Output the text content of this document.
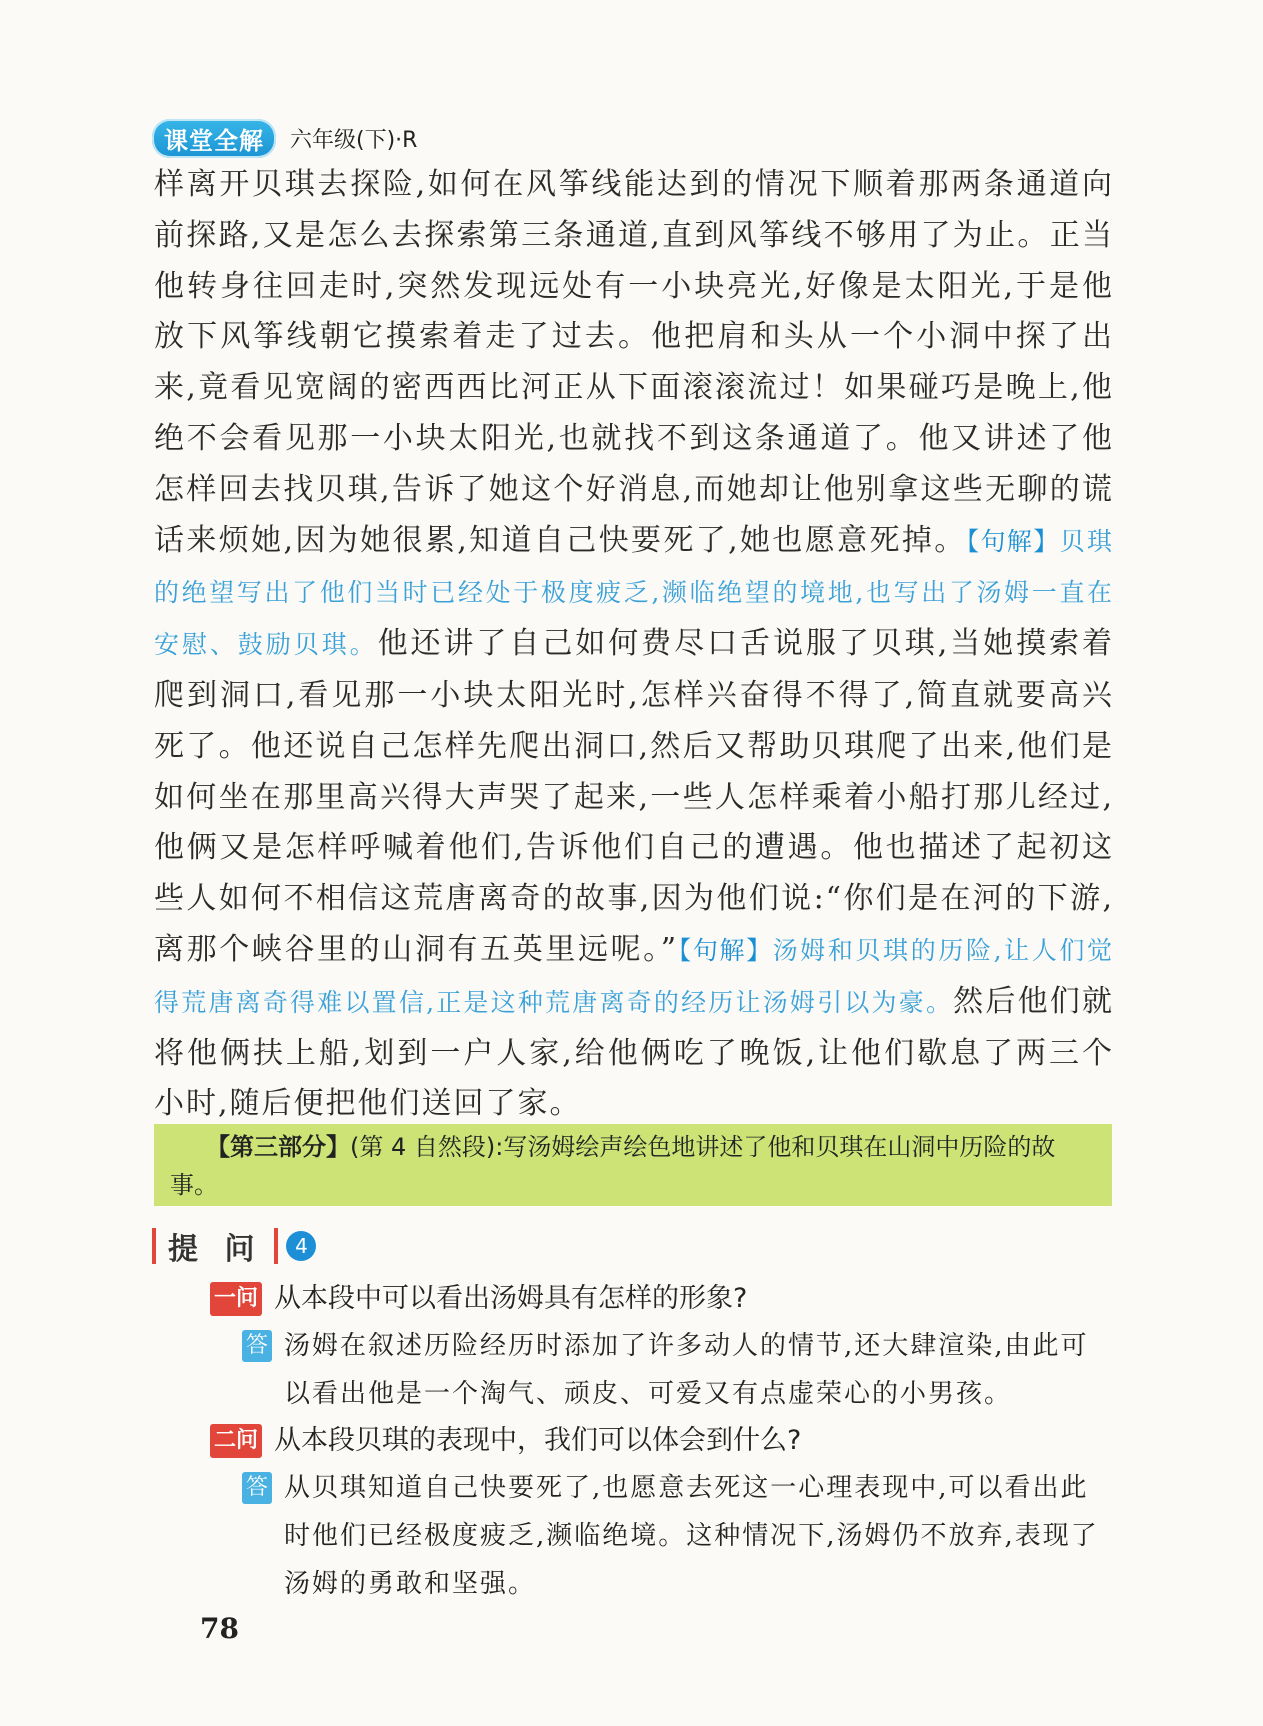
课堂全解	六年级(下)·R

样离开贝琪去探险,如何在风筝线能达到的情况下顺着那两条通道向前探路,又是怎么去探索第三条通道,直到风筝线不够用了为止。正当他转身往回走时,突然发现远处有一小块亮光,好像是太阳光,于是他放下风筝线朝它摸索着走了过去。他把肩和头从一个小洞中探了出来,竟看见宽阔的密西西比河正从下面滚滚流过！如果碰巧是晚上,他绝不会看见那一小块太阳光,也就找不到这条通道了。他又讲述了他怎样回去找贝琪,告诉了她这个好消息,而她却让他别拿这些无聊的谎话来烦她,因为她很累,知道自己快要死了,她也愿意死掉。【句解】贝琪的绝望写出了他们当时已经处于极度疲乏,濒临绝望的境地,也写出了汤姆一直在安慰、鼓励贝琪。他还讲了自己如何费尽口舌说服了贝琪,当她摸索着爬到洞口,看见那一小块太阳光时,怎样兴奋得不得了,简直就要高兴死了。他还说自己怎样先爬出洞口,然后又帮助贝琪爬了出来,他们是如何坐在那里高兴得大声哭了起来,一些人怎样乘着小船打那儿经过,他俩又是怎样呼喊着他们,告诉他们自己的遭遇。他也描述了起初这些人如何不相信这荒唐离奇的故事,因为他们说:“你们是在河的下游,离那个峡谷里的山洞有五英里远呢。”【句解】汤姆和贝琪的历险,让人们觉得荒唐离奇得难以置信,正是这种荒唐离奇的经历让汤姆引以为豪。然后他们就将他俩扶上船,划到一户人家,给他俩吃了晚饭,让他们歇息了两三个小时,随后便把他们送回了家。

【第三部分】(第 4 自然段):写汤姆绘声绘色地讲述了他和贝琪在山洞中历险的故事。

提 问	4
一问 从本段中可以看出汤姆具有怎样的形象?
答 汤姆在叙述历险经历时添加了许多动人的情节,还大肆渲染,由此可以看出他是一个淘气、顽皮、可爱又有点虚荣心的小男孩。
二问 从本段贝琪的表现中，我们可以体会到什么?
答 从贝琪知道自己快要死了,也愿意去死这一心理表现中,可以看出此时他们已经极度疲乏,濒临绝境。这种情况下,汤姆仍不放弃,表现了汤姆的勇敢和坚强。
78
